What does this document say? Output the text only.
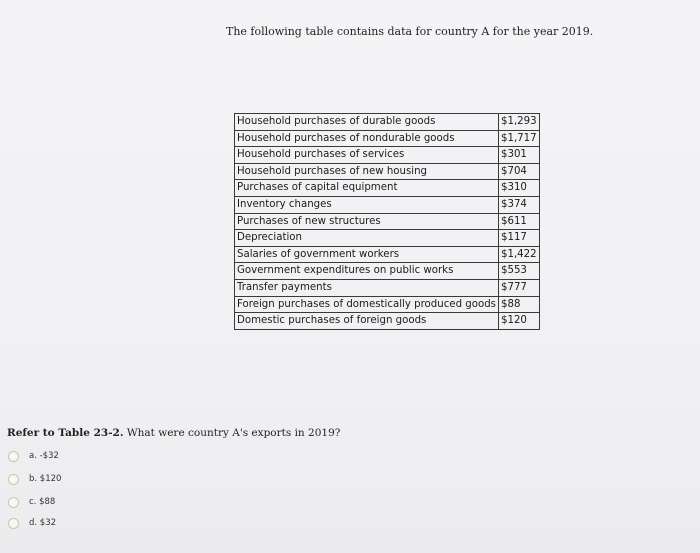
The following table contains data for country A for the year 2019.
Household purchases of durable goods	$1,293
Household purchases of nondurable goods	$1,717
Household purchases of services	$301
Household purchases of new housing	$704
Purchases of capital equipment	$310
Inventory changes	$374
Purchases of new structures	$611
Depreciation	$117
Salaries of government workers	$1,422
Government expenditures on public works	$553
Transfer payments	$777
Foreign purchases of domestically produced goods	$88
Domestic purchases of foreign goods	$120
Refer to Table 23-2. What were country A's exports in 2019?
a. -$32
b. $120
c. $88
d. $32
